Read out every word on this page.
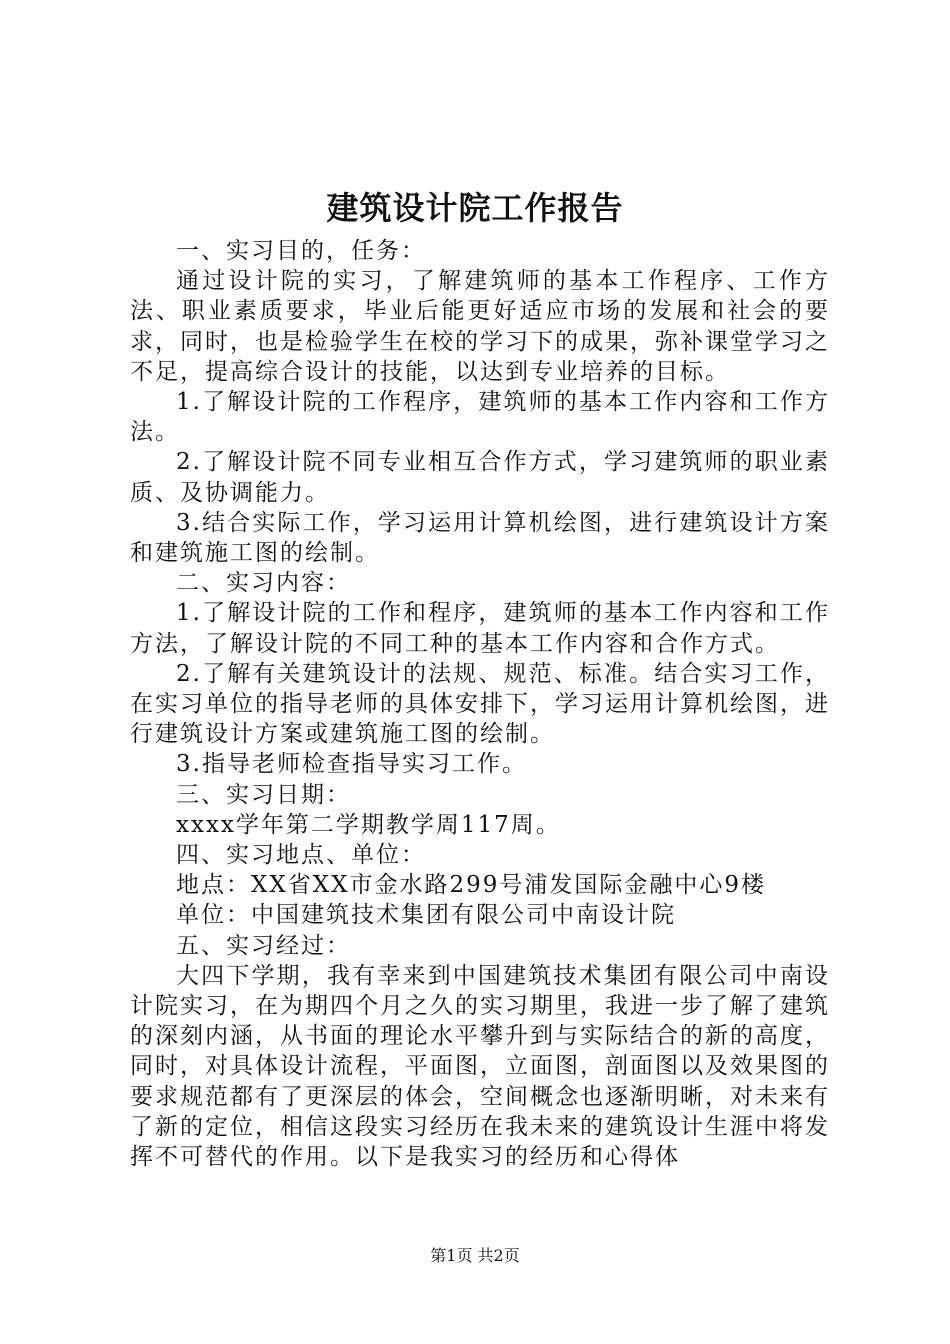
建筑设计院工作报告

一、实习目的，任务：

通过设计院的实习，了解建筑师的基本工作程序、工作方法、职业素质要求，毕业后能更好适应市场的发展和社会的要求，同时，也是检验学生在校的学习下的成果，弥补课堂学习之不足，提高综合设计的技能，以达到专业培养的目标。

1.了解设计院的工作程序，建筑师的基本工作内容和工作方法。

2.了解设计院不同专业相互合作方式，学习建筑师的职业素质、及协调能力。

3.结合实际工作，学习运用计算机绘图，进行建筑设计方案和建筑施工图的绘制。

二、实习内容：

1.了解设计院的工作和程序，建筑师的基本工作内容和工作方法，了解设计院的不同工种的基本工作内容和合作方式。

2.了解有关建筑设计的法规、规范、标准。结合实习工作，在实习单位的指导老师的具体安排下，学习运用计算机绘图，进行建筑设计方案或建筑施工图的绘制。

3.指导老师检查指导实习工作。

三、实习日期：

xxxx学年第二学期教学周117周。

四、实习地点、单位：

地点：XX省XX市金水路299号浦发国际金融中心9楼

单位：中国建筑技术集团有限公司中南设计院

五、实习经过：

大四下学期，我有幸来到中国建筑技术集团有限公司中南设计院实习，在为期四个月之久的实习期里，我进一步了解了建筑的深刻内涵，从书面的理论水平攀升到与实际结合的新的高度，同时，对具体设计流程，平面图，立面图，剖面图以及效果图的要求规范都有了更深层的体会，空间概念也逐渐明晰，对未来有了新的定位，相信这段实习经历在我未来的建筑设计生涯中将发挥不可替代的作用。以下是我实习的经历和心得体

第1页 共2页
